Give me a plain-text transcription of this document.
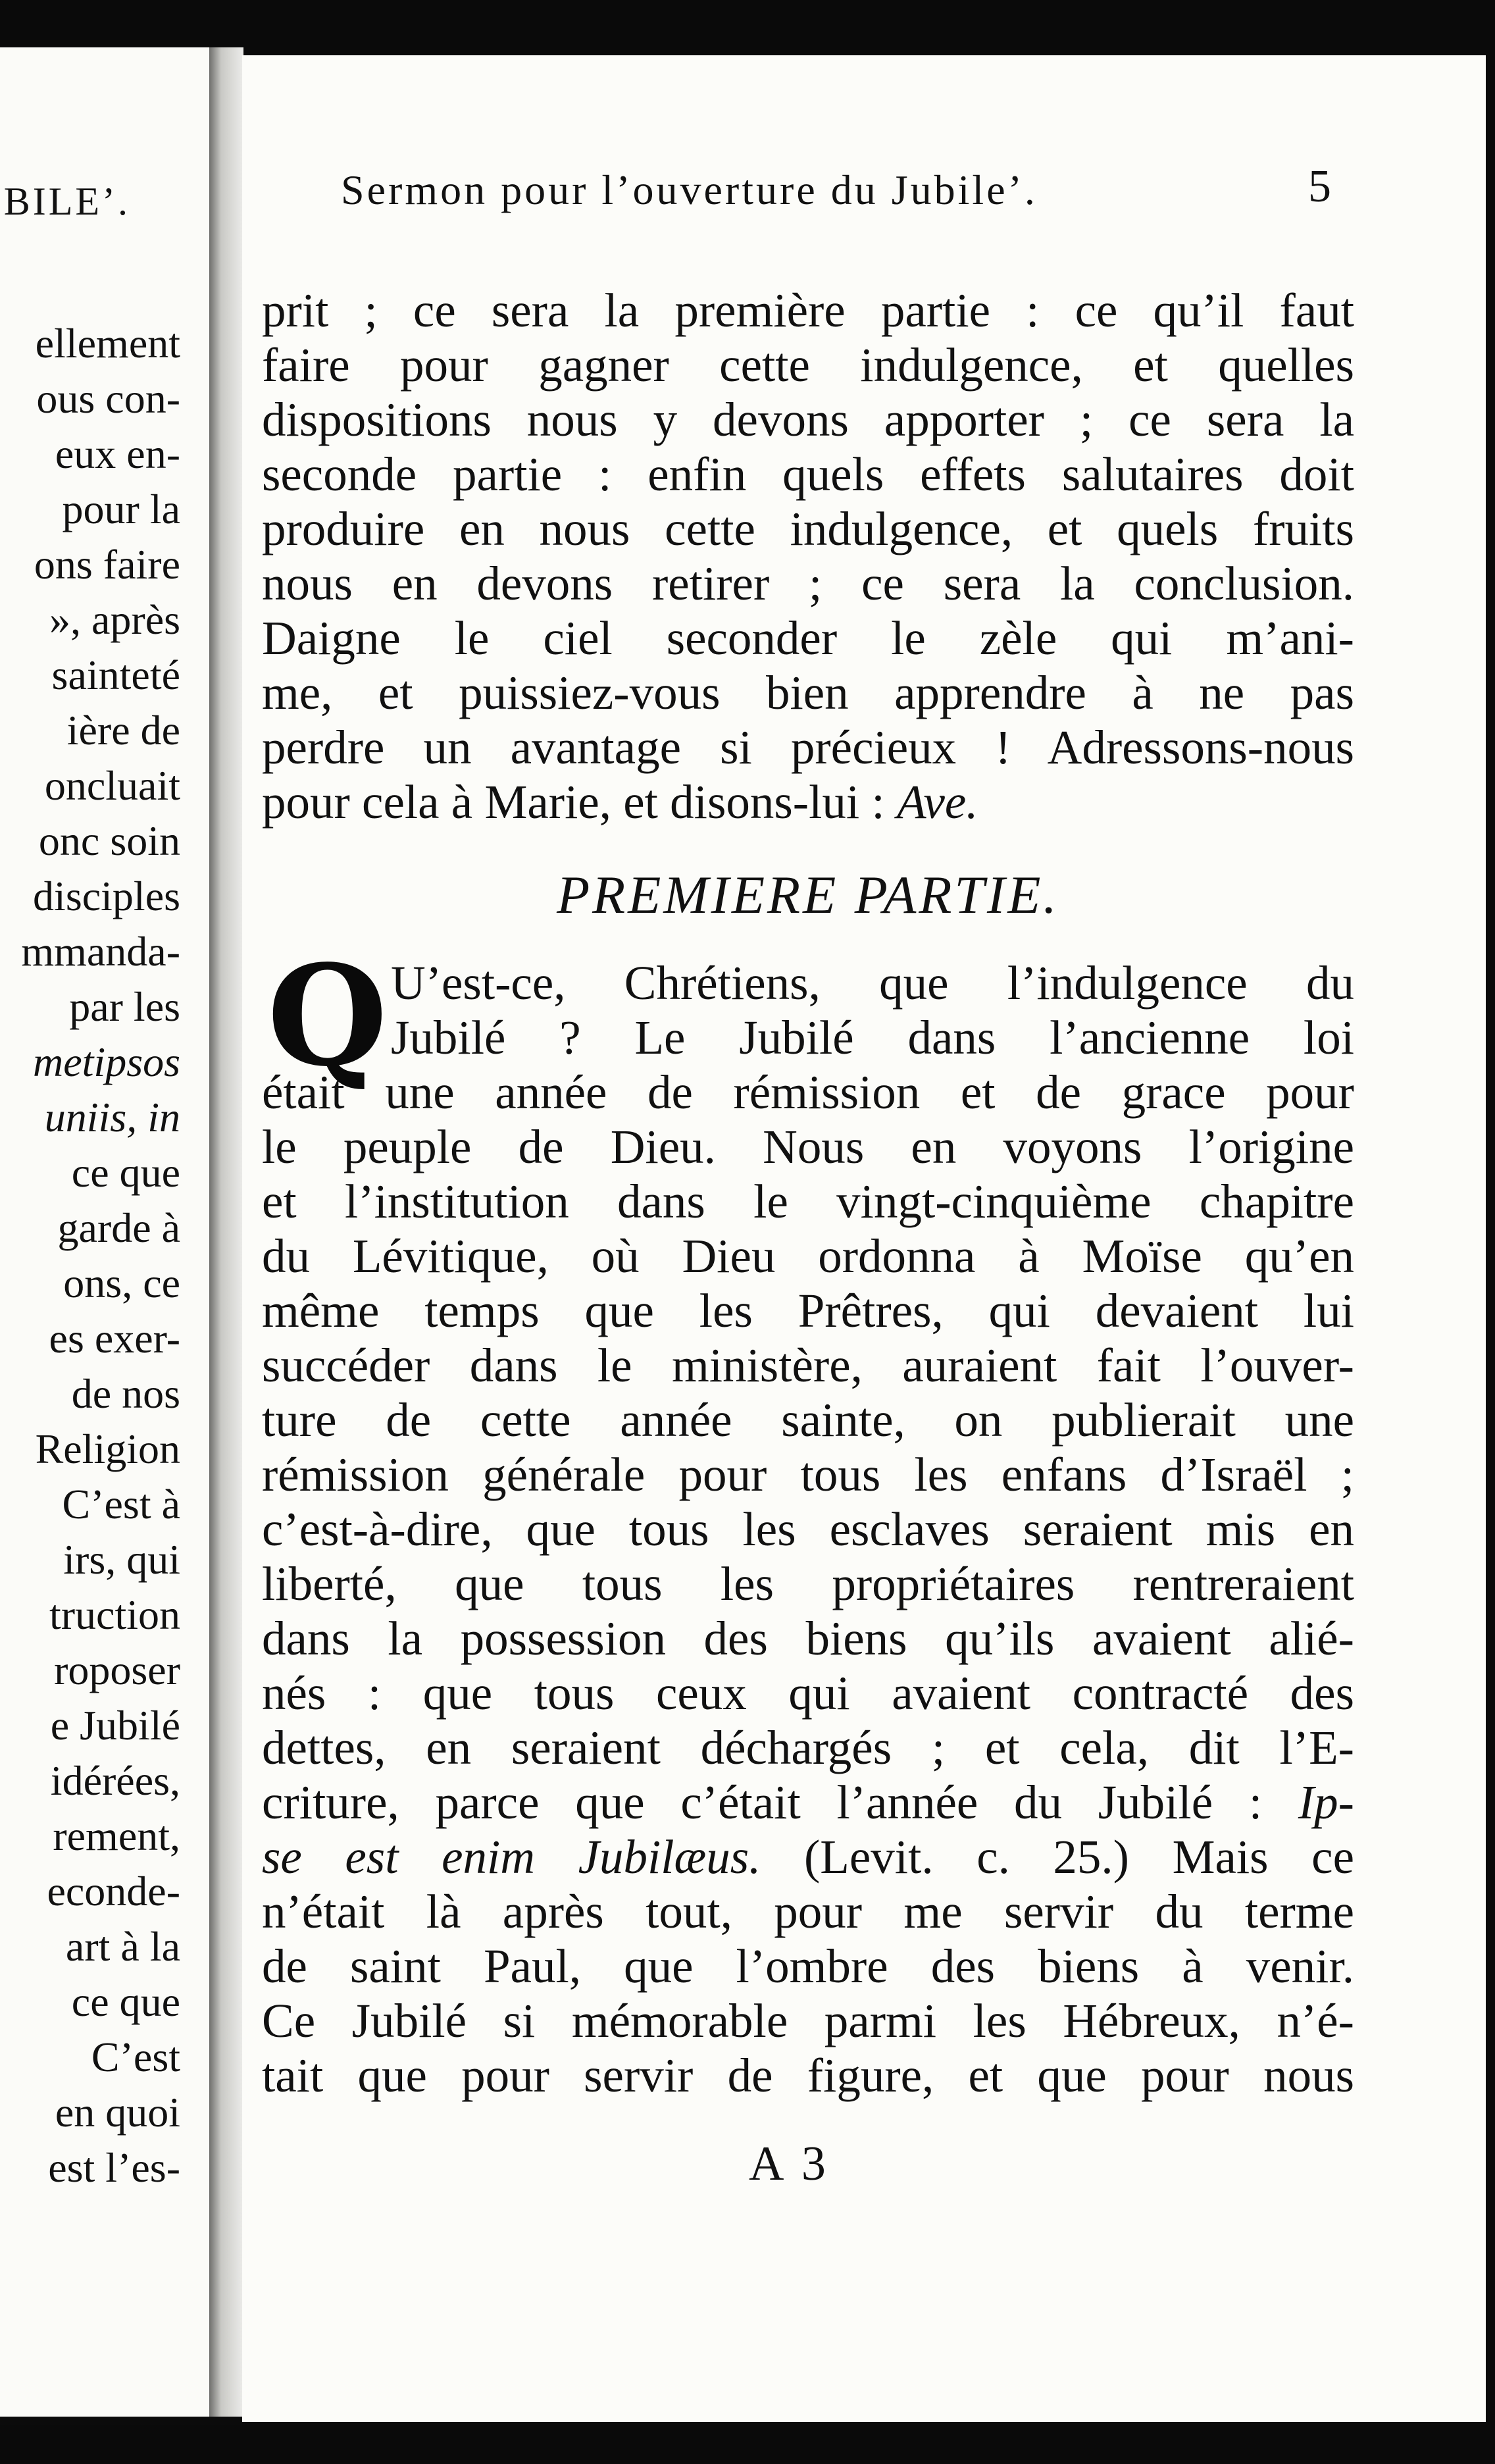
BILE’.
ellement
ous con-
eux en-
pour la
ons faire
», après
sainteté
ière de
oncluait
onc soin
disciples
mmanda-
par les
metipsos
uniis, in
ce que
garde à
ons, ce
es exer-
de nos
Religion
C’est à
irs, qui
truction
roposer
e Jubilé
idérées,
rement,
econde-
art à la
ce que
C’est
en quoi
est l’es-
Sermon pour l’ouverture du Jubile’.	5
prit ; ce sera la première partie : ce qu’il faut
faire pour gagner cette indulgence, et quelles
dispositions nous y devons apporter ; ce sera la
seconde partie : enfin quels effets salutaires doit
produire en nous cette indulgence, et quels fruits
nous en devons retirer ; ce sera la conclusion.
Daigne le ciel seconder le zèle qui m’ani-
me, et puissiez-vous bien apprendre à ne pas
perdre un avantage si précieux ! Adressons-nous
pour cela à Marie, et disons-lui : Ave.
PREMIERE PARTIE.
Q U’est-ce, Chrétiens, que l’indulgence du
Jubilé ? Le Jubilé dans l’ancienne loi
était une année de rémission et de grace pour
le peuple de Dieu. Nous en voyons l’origine
et l’institution dans le vingt-cinquième chapitre
du Lévitique, où Dieu ordonna à Moïse qu’en
même temps que les Prêtres, qui devaient lui
succéder dans le ministère, auraient fait l’ouver-
ture de cette année sainte, on publierait une
rémission générale pour tous les enfans d’Israël ;
c’est-à-dire, que tous les esclaves seraient mis en
liberté, que tous les propriétaires rentreraient
dans la possession des biens qu’ils avaient alié-
nés : que tous ceux qui avaient contracté des
dettes, en seraient déchargés ; et cela, dit l’E-
criture, parce que c’était l’année du Jubilé : Ip-
se est enim Jubilæus. (Levit. c. 25.) Mais ce
n’était là après tout, pour me servir du terme
de saint Paul, que l’ombre des biens à venir.
Ce Jubilé si mémorable parmi les Hébreux, n’é-
tait que pour servir de figure, et que pour nous
A 3
